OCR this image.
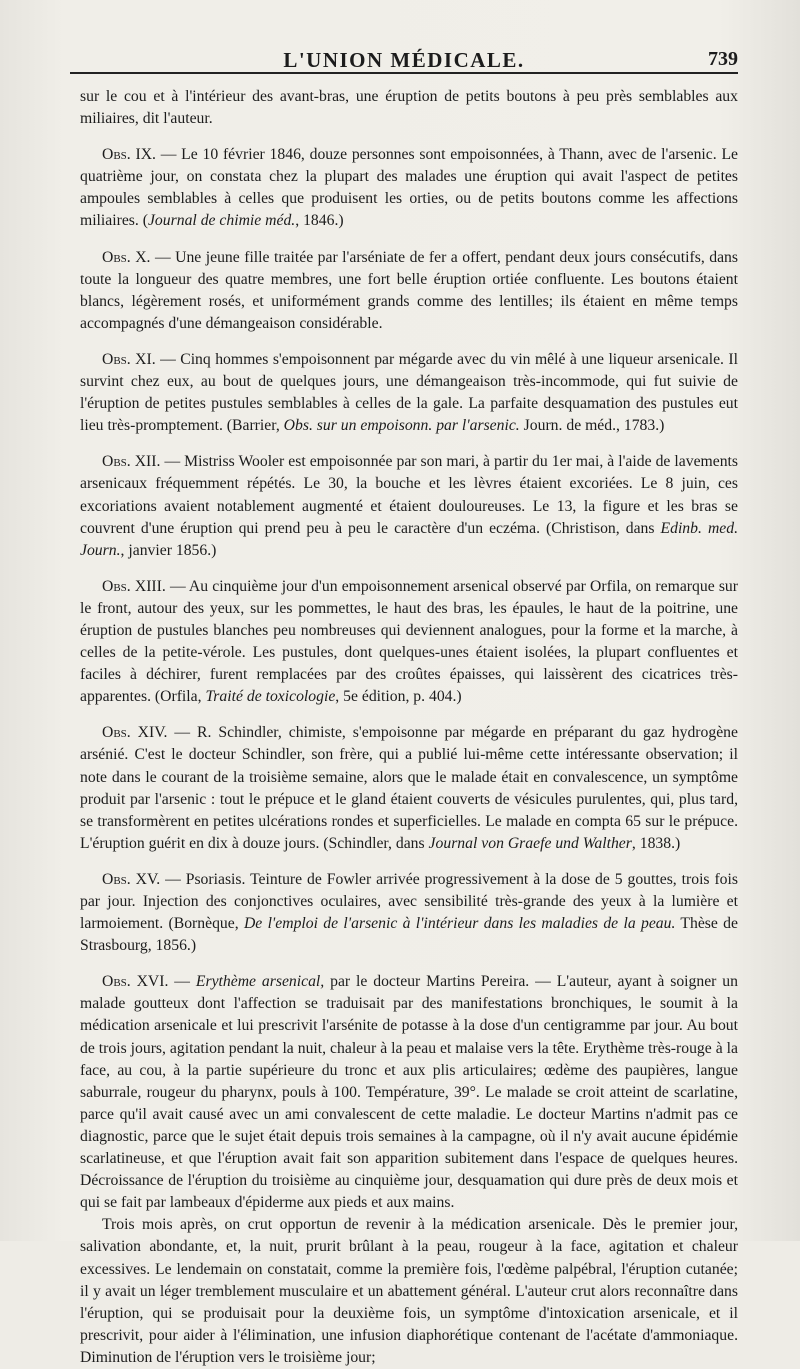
L'UNION MÉDICALE.	739

sur le cou et à l'intérieur des avant-bras, une éruption de petits boutons à peu près semblables aux miliaires, dit l'auteur.

Obs. IX. — Le 10 février 1846, douze personnes sont empoisonnées, à Thann, avec de l'arsenic. Le quatrième jour, on constata chez la plupart des malades une éruption qui avait l'aspect de petites ampoules semblables à celles que produisent les orties, ou de petits boutons comme les affections miliaires. (Journal de chimie méd., 1846.)

Obs. X. — Une jeune fille traitée par l'arséniate de fer a offert, pendant deux jours consécutifs, dans toute la longueur des quatre membres, une fort belle éruption ortiée confluente. Les boutons étaient blancs, légèrement rosés, et uniformément grands comme des lentilles; ils étaient en même temps accompagnés d'une démangeaison considérable.

Obs. XI. — Cinq hommes s'empoisonnent par mégarde avec du vin mêlé à une liqueur arsenicale. Il survint chez eux, au bout de quelques jours, une démangeaison très-incommode, qui fut suivie de l'éruption de petites pustules semblables à celles de la gale. La parfaite desquamation des pustules eut lieu très-promptement. (Barrier, Obs. sur un empoisonn. par l'arsenic. Journ. de méd., 1783.)

Obs. XII. — Mistriss Wooler est empoisonnée par son mari, à partir du 1er mai, à l'aide de lavements arsenicaux fréquemment répétés. Le 30, la bouche et les lèvres étaient excoriées. Le 8 juin, ces excoriations avaient notablement augmenté et étaient douloureuses. Le 13, la figure et les bras se couvrent d'une éruption qui prend peu à peu le caractère d'un eczéma. (Christison, dans Edinb. med. Journ., janvier 1856.)

Obs. XIII. — Au cinquième jour d'un empoisonnement arsenical observé par Orfila, on remarque sur le front, autour des yeux, sur les pommettes, le haut des bras, les épaules, le haut de la poitrine, une éruption de pustules blanches peu nombreuses qui deviennent analogues, pour la forme et la marche, à celles de la petite-vérole. Les pustules, dont quelques-unes étaient isolées, la plupart confluentes et faciles à déchirer, furent remplacées par des croûtes épaisses, qui laissèrent des cicatrices très-apparentes. (Orfila, Traité de toxicologie, 5e édition, p. 404.)

Obs. XIV. — R. Schindler, chimiste, s'empoisonne par mégarde en préparant du gaz hydrogène arsénié. C'est le docteur Schindler, son frère, qui a publié lui-même cette intéressante observation; il note dans le courant de la troisième semaine, alors que le malade était en convalescence, un symptôme produit par l'arsenic : tout le prépuce et le gland étaient couverts de vésicules purulentes, qui, plus tard, se transformèrent en petites ulcérations rondes et superficielles. Le malade en compta 65 sur le prépuce. L'éruption guérit en dix à douze jours. (Schindler, dans Journal von Graefe und Walther, 1838.)

Obs. XV. — Psoriasis. Teinture de Fowler arrivée progressivement à la dose de 5 gouttes, trois fois par jour. Injection des conjonctives oculaires, avec sensibilité très-grande des yeux à la lumière et larmoiement. (Bornèque, De l'emploi de l'arsenic à l'intérieur dans les maladies de la peau. Thèse de Strasbourg, 1856.)

Obs. XVI. — Erythème arsenical, par le docteur Martins Pereira. — L'auteur, ayant à soigner un malade goutteux dont l'affection se traduisait par des manifestations bronchiques, le soumit à la médication arsenicale et lui prescrivit l'arsénite de potasse à la dose d'un centigramme par jour. Au bout de trois jours, agitation pendant la nuit, chaleur à la peau et malaise vers la tête. Erythème très-rouge à la face, au cou, à la partie supérieure du tronc et aux plis articulaires; œdème des paupières, langue saburrale, rougeur du pharynx, pouls à 100. Température, 39°. Le malade se croit atteint de scarlatine, parce qu'il avait causé avec un ami convalescent de cette maladie. Le docteur Martins n'admit pas ce diagnostic, parce que le sujet était depuis trois semaines à la campagne, où il n'y avait aucune épidémie scarlatineuse, et que l'éruption avait fait son apparition subitement dans l'espace de quelques heures. Décroissance de l'éruption du troisième au cinquième jour, desquamation qui dure près de deux mois et qui se fait par lambeaux d'épiderme aux pieds et aux mains.

Trois mois après, on crut opportun de revenir à la médication arsenicale. Dès le premier jour, salivation abondante, et, la nuit, prurit brûlant à la peau, rougeur à la face, agitation et chaleur excessives. Le lendemain on constatait, comme la première fois, l'œdème palpébral, l'éruption cutanée; il y avait un léger tremblement musculaire et un abattement général. L'auteur crut alors reconnaître dans l'éruption, qui se produisait pour la deuxième fois, un symptôme d'intoxication arsenicale, et il prescrivit, pour aider à l'élimination, une infusion diaphorétique contenant de l'acétate d'ammoniaque. Diminution de l'éruption vers le troisième jour;
